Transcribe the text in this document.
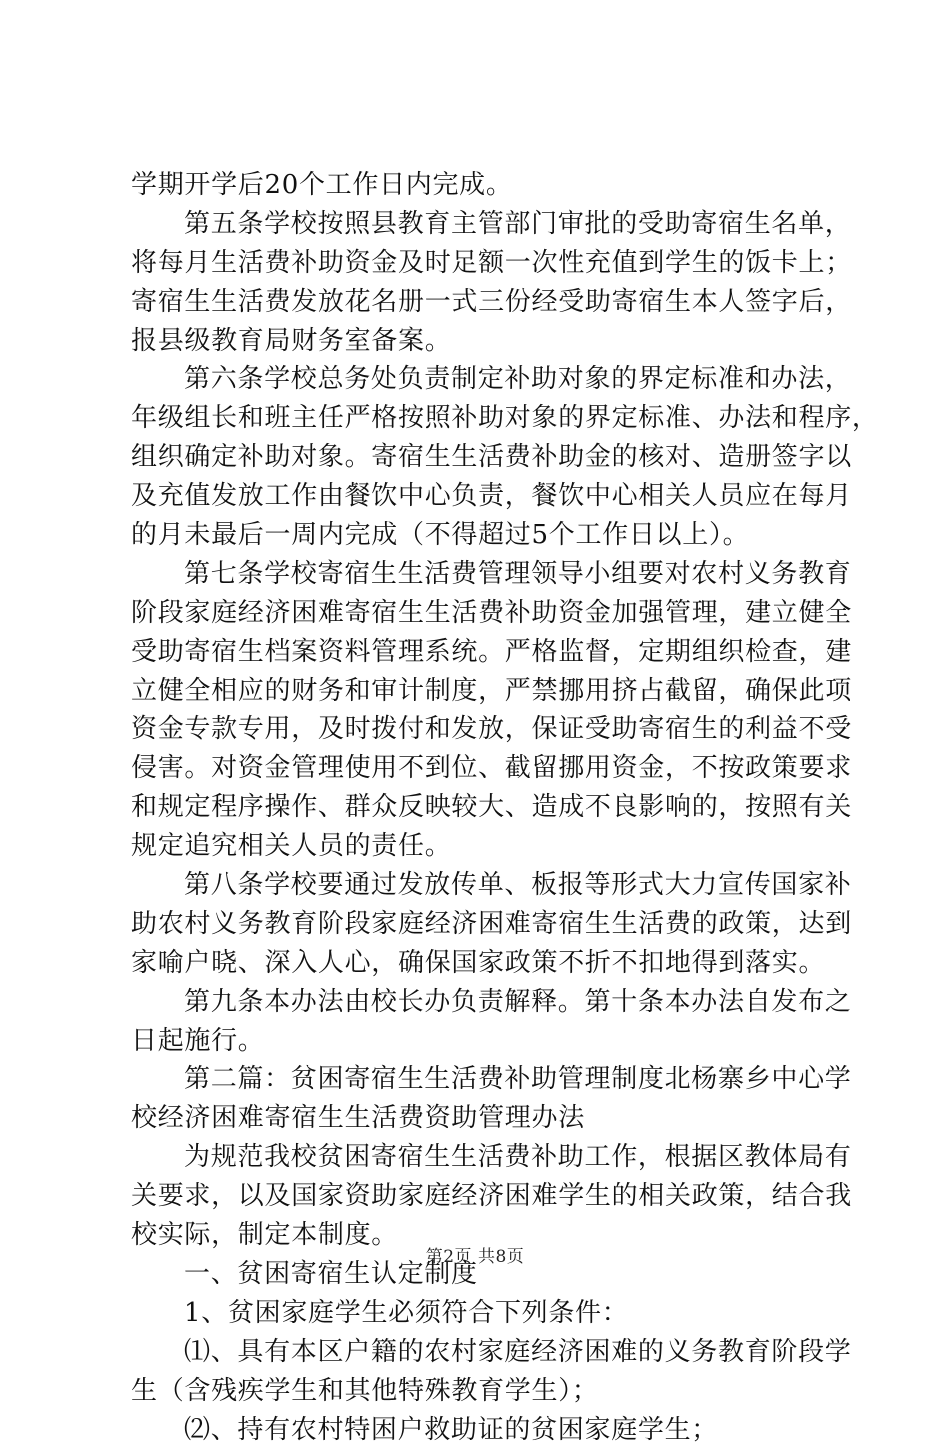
学期开学后20个工作日内完成。
第五条学校按照县教育主管部门审批的受助寄宿生名单，
将每月生活费补助资金及时足额一次性充值到学生的饭卡上；
寄宿生生活费发放花名册一式三份经受助寄宿生本人签字后，
报县级教育局财务室备案。
第六条学校总务处负责制定补助对象的界定标准和办法，
年级组长和班主任严格按照补助对象的界定标准、办法和程序，
组织确定补助对象。寄宿生生活费补助金的核对、造册签字以
及充值发放工作由餐饮中心负责，餐饮中心相关人员应在每月
的月未最后一周内完成（不得超过5个工作日以上）。
第七条学校寄宿生生活费管理领导小组要对农村义务教育
阶段家庭经济困难寄宿生生活费补助资金加强管理，建立健全
受助寄宿生档案资料管理系统。严格监督，定期组织检查，建
立健全相应的财务和审计制度，严禁挪用挤占截留，确保此项
资金专款专用，及时拨付和发放，保证受助寄宿生的利益不受
侵害。对资金管理使用不到位、截留挪用资金，不按政策要求
和规定程序操作、群众反映较大、造成不良影响的，按照有关
规定追究相关人员的责任。
第八条学校要通过发放传单、板报等形式大力宣传国家补
助农村义务教育阶段家庭经济困难寄宿生生活费的政策，达到
家喻户晓、深入人心，确保国家政策不折不扣地得到落实。
第九条本办法由校长办负责解释。第十条本办法自发布之
日起施行。
第二篇：贫困寄宿生生活费补助管理制度北杨寨乡中心学
校经济困难寄宿生生活费资助管理办法
为规范我校贫困寄宿生生活费补助工作，根据区教体局有
关要求，以及国家资助家庭经济困难学生的相关政策，结合我
校实际，制定本制度。
一、贫困寄宿生认定制度
1、贫困家庭学生必须符合下列条件：
⑴、具有本区户籍的农村家庭经济困难的义务教育阶段学
生（含残疾学生和其他特殊教育学生）；
⑵、持有农村特困户救助证的贫困家庭学生；
第2页 共8页
